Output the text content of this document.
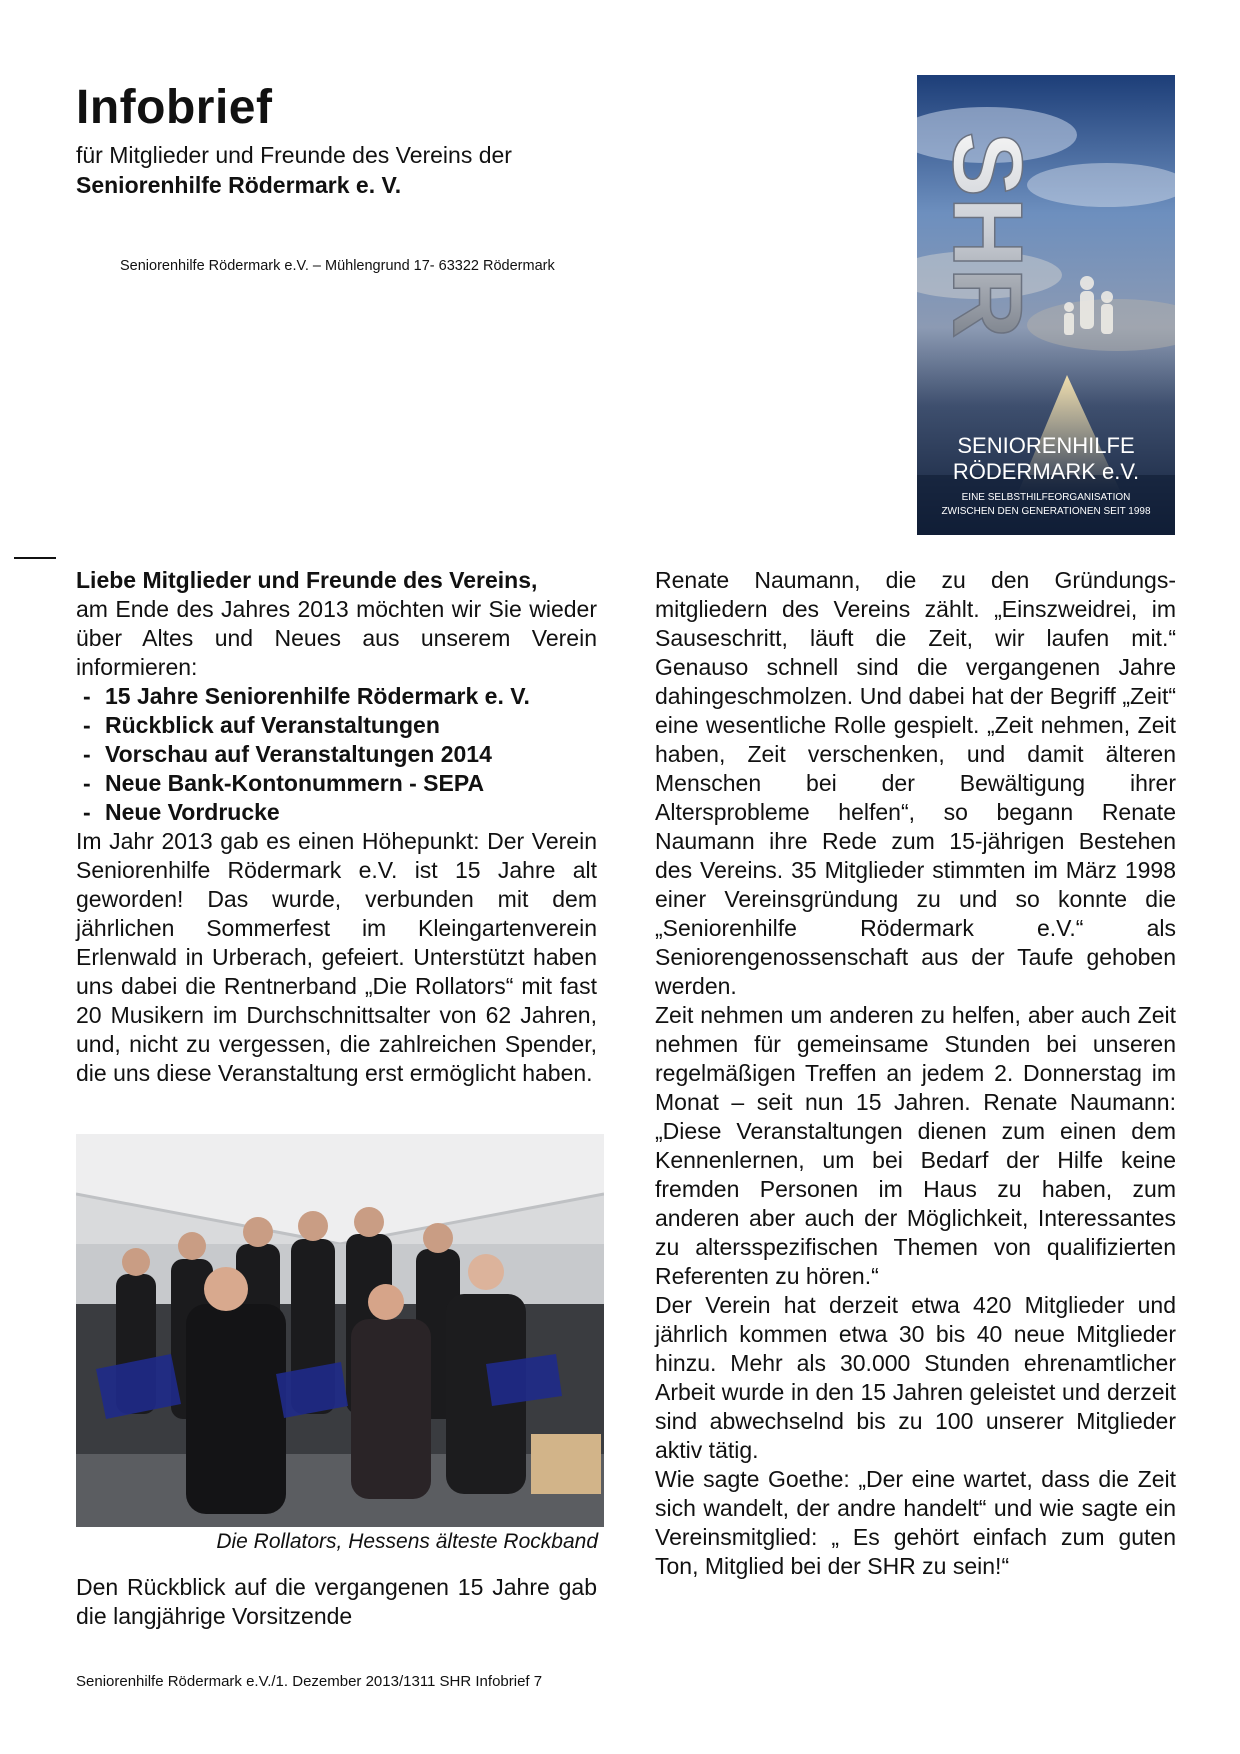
Infobrief
für Mitglieder und Freunde des Vereins der
Seniorenhilfe Rödermark e. V.
Seniorenhilfe Rödermark e.V. – Mühlengrund 17- 63322 Rödermark	SHR
SENIORENHILFE
RÖDERMARK e.V.
EINE SELBSTHILFEORGANISATION
ZWISCHEN DEN GENERATIONEN SEIT 1998

Liebe Mitglieder und Freunde des Vereins,

am Ende des Jahres 2013 möchten wir Sie wieder über Altes und Neues aus unserem Verein informieren:

- 15 Jahre Seniorenhilfe Rödermark e. V.
- Rückblick auf Veranstaltungen
- Vorschau auf Veranstaltungen 2014
- Neue Bank-Kontonummern - SEPA
- Neue Vordrucke

Im Jahr 2013 gab es einen Höhepunkt: Der Verein Seniorenhilfe Rödermark e.V. ist 15 Jahre alt geworden! Das wurde, verbunden mit dem jährlichen Sommerfest im Kleingartenverein Erlenwald in Urberach, gefeiert. Unterstützt haben uns dabei die Rentnerband „Die Rollators“ mit fast 20 Musikern im Durchschnittsalter von 62 Jahren, und, nicht zu vergessen, die zahlreichen Spender, die uns diese Veranstaltung erst ermöglicht haben.

Die Rollators, Hessens älteste Rockband
Den Rückblick auf die vergangenen 15 Jahre gab die langjährige Vorsitzende

Renate Naumann, die zu den Gründungsmitgliedern des Vereins zählt. „Einszweidrei, im Sauseschritt, läuft die Zeit, wir laufen mit.“ Genauso schnell sind die vergangenen Jahre dahingeschmolzen. Und dabei hat der Begriff „Zeit“ eine wesentliche Rolle gespielt. „Zeit nehmen, Zeit haben, Zeit verschenken, und damit älteren Menschen bei der Bewältigung ihrer Altersprobleme helfen“, so begann Renate Naumann ihre Rede zum 15-jährigen Bestehen des Vereins. 35 Mitglieder stimmten im März 1998 einer Vereinsgründung zu und so konnte die „Seniorenhilfe Rödermark e.V.“ als Seniorengenossenschaft aus der Taufe gehoben werden.

Zeit nehmen um anderen zu helfen, aber auch Zeit nehmen für gemeinsame Stunden bei unseren regelmäßigen Treffen an jedem 2. Donnerstag im Monat – seit nun 15 Jahren. Renate Naumann: „Diese Veranstaltungen dienen zum einen dem Kennenlernen, um bei Bedarf der Hilfe keine fremden Personen im Haus zu haben, zum anderen aber auch der Möglichkeit, Interessantes zu altersspezifischen Themen von qualifizierten Referenten zu hören.“

Der Verein hat derzeit etwa 420 Mitglieder und jährlich kommen etwa 30 bis 40 neue Mitglieder hinzu. Mehr als 30.000 Stunden ehrenamtlicher Arbeit wurde in den 15 Jahren geleistet und derzeit sind abwechselnd bis zu 100 unserer Mitglieder aktiv tätig.

Wie sagte Goethe: „Der eine wartet, dass die Zeit sich wandelt, der andre handelt“ und wie sagte ein Vereinsmitglied: „ Es gehört einfach zum guten Ton, Mitglied bei der SHR zu sein!“

Seniorenhilfe Rödermark e.V./1. Dezember 2013/1311 SHR Infobrief 7
